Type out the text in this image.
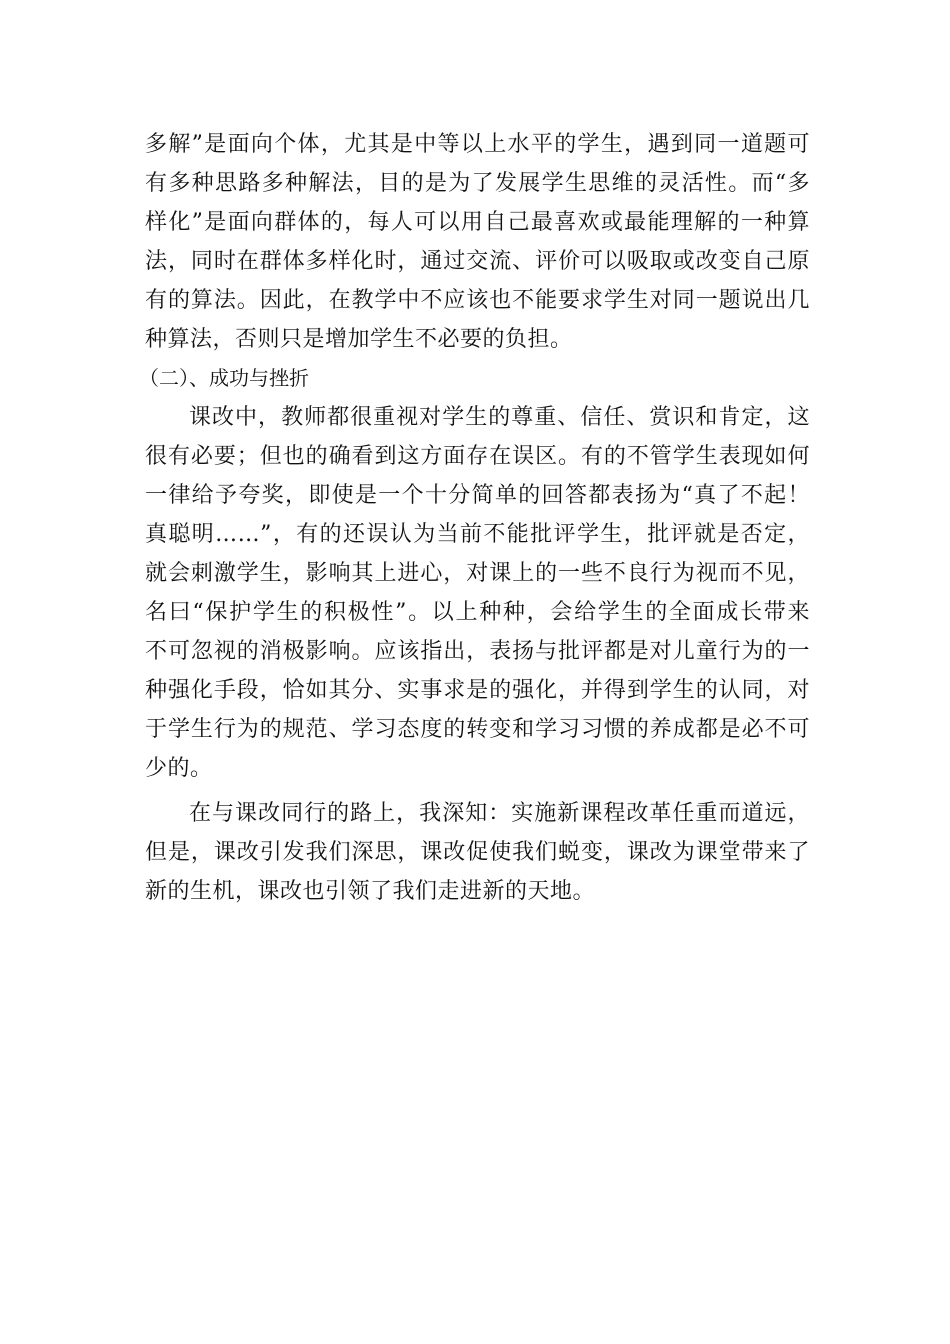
多解”是面向个体，尤其是中等以上水平的学生，遇到同一道题可
有多种思路多种解法，目的是为了发展学生思维的灵活性。而“多
样化”是面向群体的，每人可以用自己最喜欢或最能理解的一种算
法，同时在群体多样化时，通过交流、评价可以吸取或改变自己原
有的算法。因此，在教学中不应该也不能要求学生对同一题说出几
种算法，否则只是增加学生不必要的负担。
（二）、成功与挫折
课改中，教师都很重视对学生的尊重、信任、赏识和肯定，这
很有必要；但也的确看到这方面存在误区。有的不管学生表现如何
一律给予夸奖，即使是一个十分简单的回答都表扬为“真了不起！
真聪明……”，有的还误认为当前不能批评学生，批评就是否定，
就会刺激学生，影响其上进心，对课上的一些不良行为视而不见，
名曰“保护学生的积极性”。以上种种，会给学生的全面成长带来
不可忽视的消极影响。应该指出，表扬与批评都是对儿童行为的一
种强化手段，恰如其分、实事求是的强化，并得到学生的认同，对
于学生行为的规范、学习态度的转变和学习习惯的养成都是必不可
少的。
在与课改同行的路上，我深知：实施新课程改革任重而道远，
但是，课改引发我们深思，课改促使我们蜕变，课改为课堂带来了
新的生机，课改也引领了我们走进新的天地。
